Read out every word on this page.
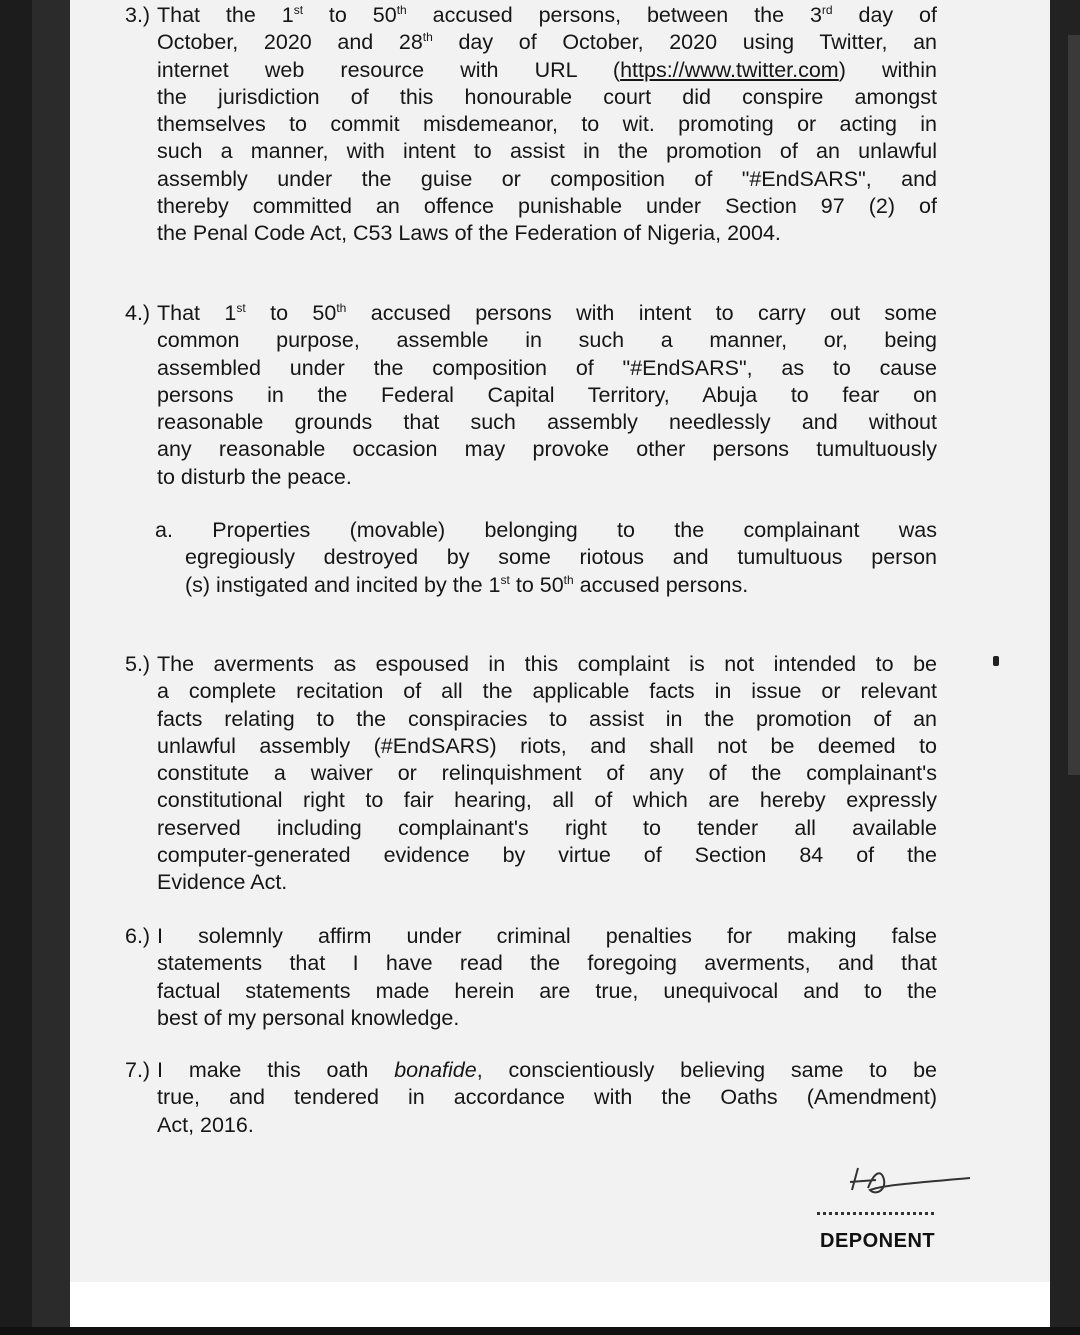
3.) That the 1st to 50th accused persons, between the 3rd day of
October, 2020 and 28th day of October, 2020 using Twitter, an
internet web resource with URL (https://www.twitter.com) within
the jurisdiction of this honourable court did conspire amongst
themselves to commit misdemeanor, to wit. promoting or acting in
such a manner, with intent to assist in the promotion of an unlawful
assembly under the guise or composition of "#EndSARS", and
thereby committed an offence punishable under Section 97 (2) of
the Penal Code Act, C53 Laws of the Federation of Nigeria, 2004.
4.) That 1st to 50th accused persons with intent to carry out some
common purpose, assemble in such a manner, or, being
assembled under the composition of "#EndSARS", as to cause
persons in the Federal Capital Territory, Abuja to fear on
reasonable grounds that such assembly needlessly and without
any reasonable occasion may provoke other persons tumultuously
to disturb the peace.
a. Properties (movable) belonging to the complainant was
egregiously destroyed by some riotous and tumultuous person
(s) instigated and incited by the 1st to 50th accused persons.
5.) The averments as espoused in this complaint is not intended to be
a complete recitation of all the applicable facts in issue or relevant
facts relating to the conspiracies to assist in the promotion of an
unlawful assembly (#EndSARS) riots, and shall not be deemed to
constitute a waiver or relinquishment of any of the complainant's
constitutional right to fair hearing, all of which are hereby expressly
reserved including complainant's right to tender all available
computer-generated evidence by virtue of Section 84 of the
Evidence Act.
6.) I solemnly affirm under criminal penalties for making false
statements that I have read the foregoing averments, and that
factual statements made herein are true, unequivocal and to the
best of my personal knowledge.
7.) I make this oath bonafide, conscientiously believing same to be
true, and tendered in accordance with the Oaths (Amendment)
Act, 2016.
DEPONENT
